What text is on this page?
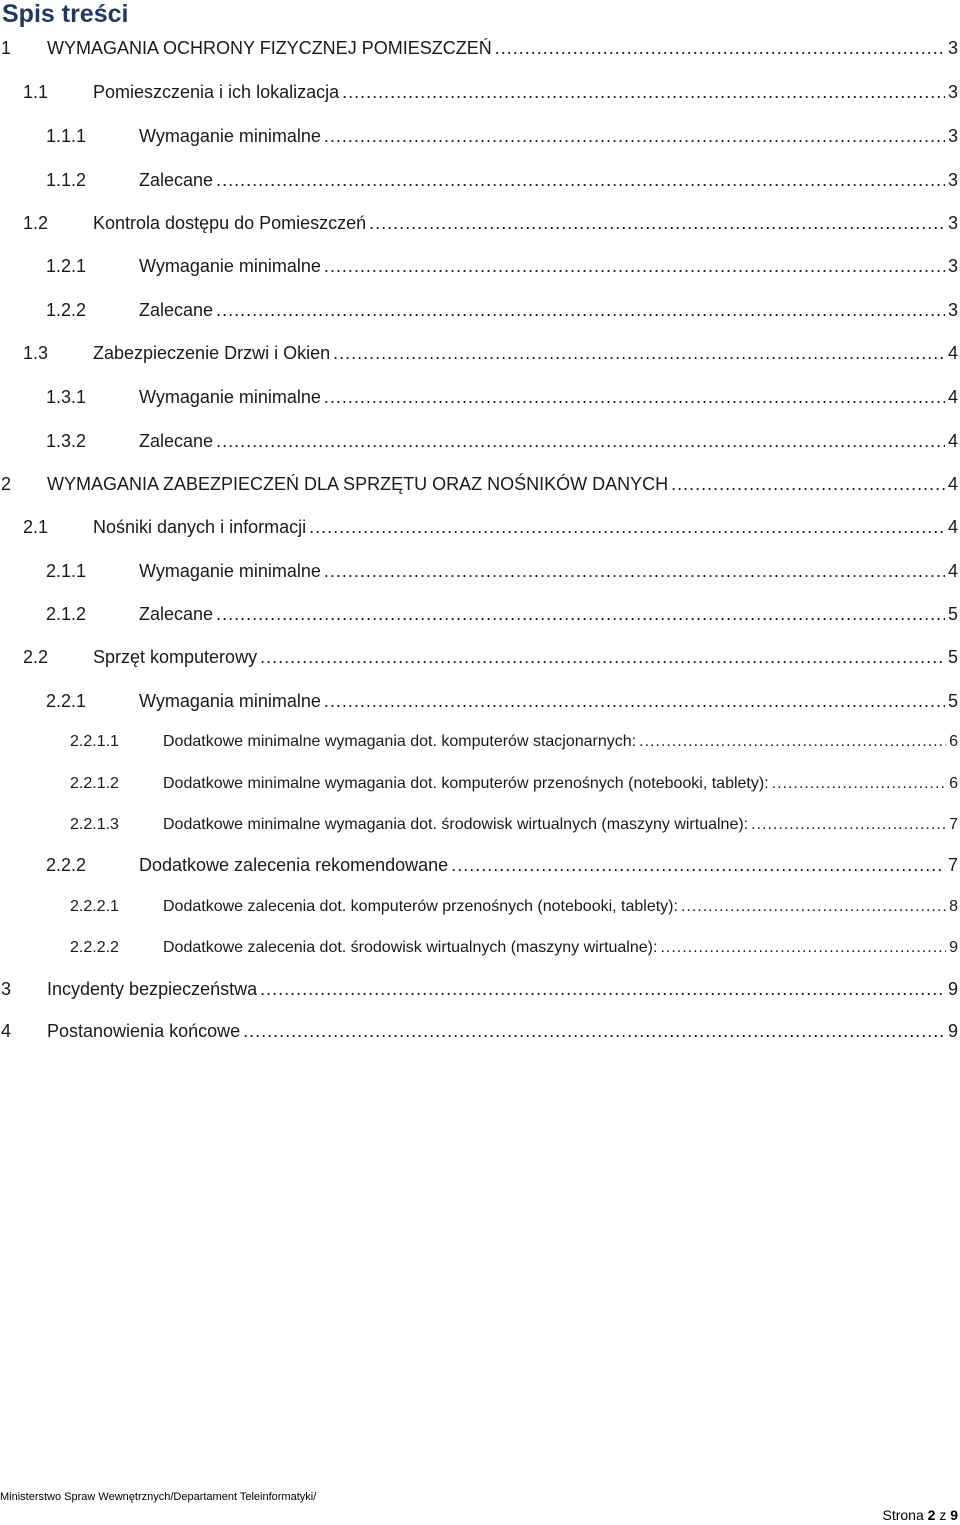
Spis treści
1	WYMAGANIA OCHRONY FIZYCZNEJ POMIESZCZEŃ .....	3
1.1	Pomieszczenia i ich lokalizacja .....	3
1.1.1	Wymaganie minimalne .....	3
1.1.2	Zalecane .....	3
1.2	Kontrola dostępu do Pomieszczeń .....	3
1.2.1	Wymaganie minimalne .....	3
1.2.2	Zalecane .....	3
1.3	Zabezpieczenie Drzwi i Okien .....	4
1.3.1	Wymaganie minimalne .....	4
1.3.2	Zalecane .....	4
2	WYMAGANIA ZABEZPIECZEŃ DLA SPRZĘTU ORAZ NOŚNIKÓW DANYCH .....	4
2.1	Nośniki danych i informacji .....	4
2.1.1	Wymaganie minimalne .....	4
2.1.2	Zalecane .....	5
2.2	Sprzęt komputerowy .....	5
2.2.1	Wymagania minimalne .....	5
2.2.1.1	Dodatkowe minimalne wymagania dot. komputerów stacjonarnych: .....	6
2.2.1.2	Dodatkowe minimalne wymagania dot. komputerów przenośnych (notebooki, tablety): .....	6
2.2.1.3	Dodatkowe minimalne wymagania dot. środowisk wirtualnych (maszyny wirtualne): .....	7
2.2.2	Dodatkowe zalecenia rekomendowane .....	7
2.2.2.1	Dodatkowe zalecenia dot. komputerów przenośnych (notebooki, tablety): .....	8
2.2.2.2	Dodatkowe zalecenia dot. środowisk wirtualnych (maszyny wirtualne): .....	9
3	Incydenty bezpieczeństwa .....	9
4	Postanowienia końcowe .....	9
Ministerstwo Spraw Wewnętrznych/Departament Teleinformatyki/
Strona 2 z 9
